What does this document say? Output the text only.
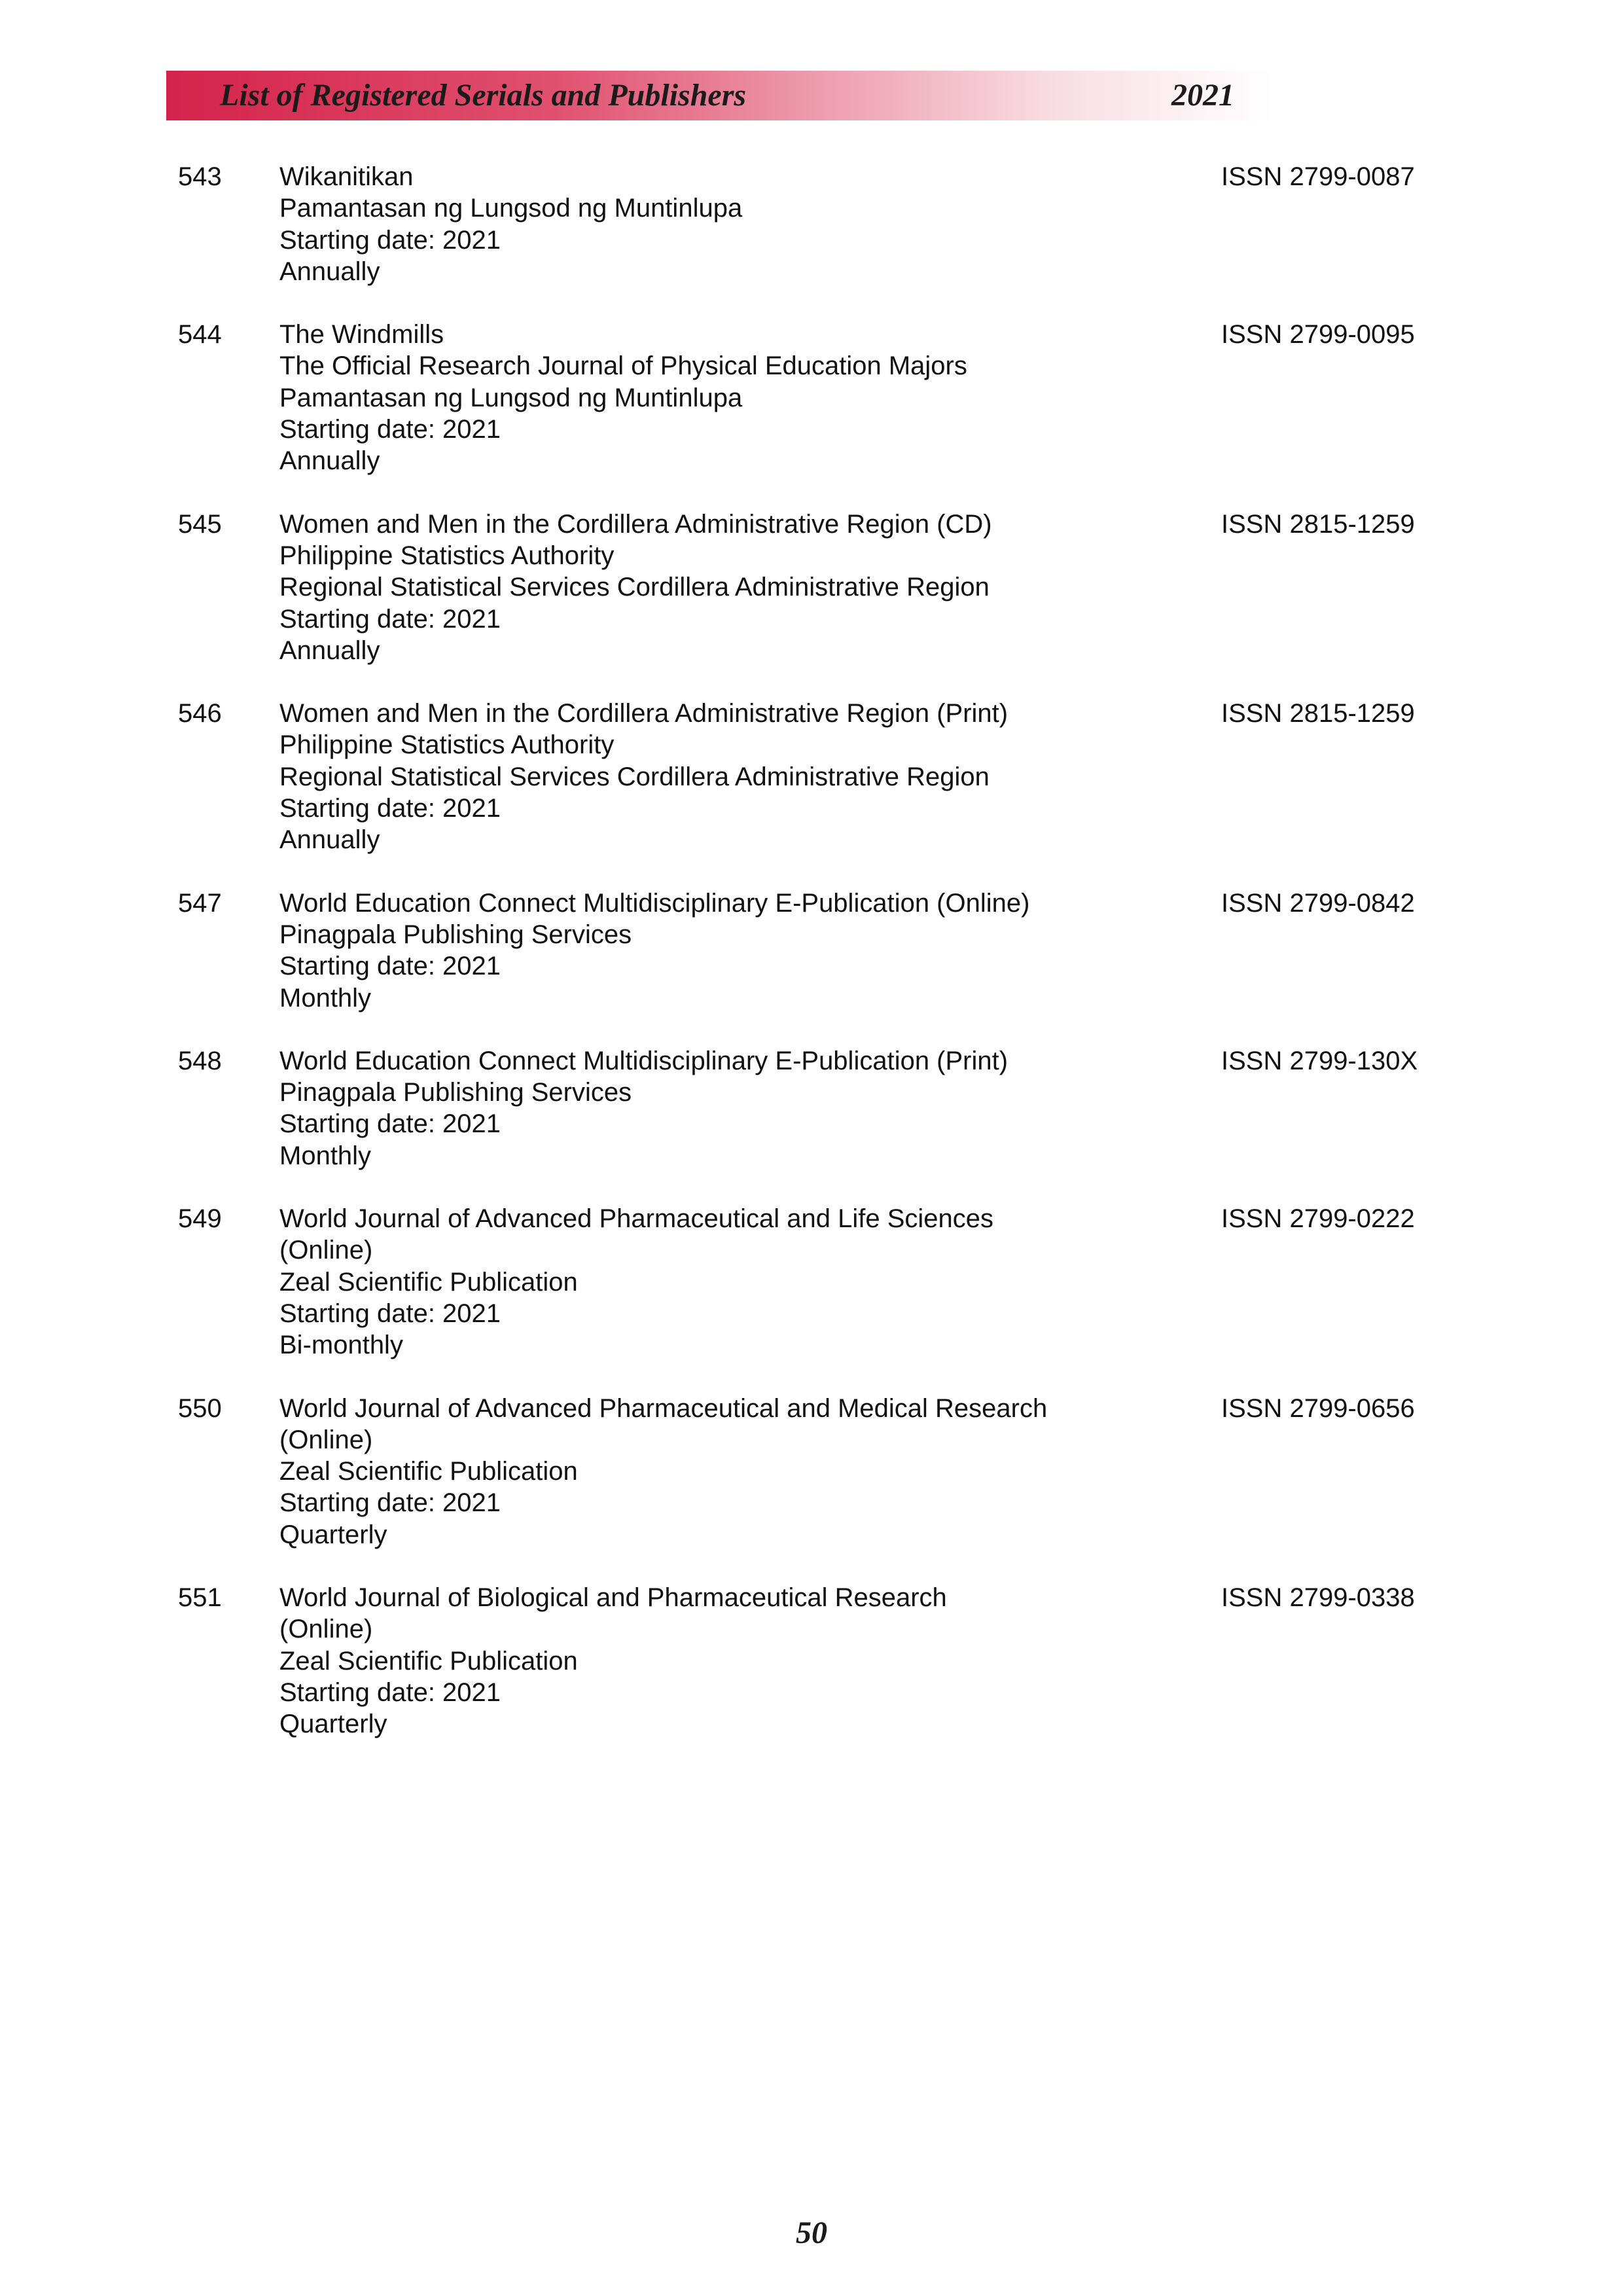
List of Registered Serials and Publishers	2021
543	Wikanitikan
Pamantasan ng Lungsod ng Muntinlupa
Starting date: 2021
Annually
ISSN 2799-0087
544	The Windmills
The Official Research Journal of Physical Education Majors
Pamantasan ng Lungsod ng Muntinlupa
Starting date: 2021
Annually
ISSN 2799-0095
545	Women and Men in the Cordillera Administrative Region (CD)
Philippine Statistics Authority
Regional Statistical Services Cordillera Administrative Region
Starting date: 2021
Annually
ISSN 2815-1259
546	Women and Men in the Cordillera Administrative Region (Print)
Philippine Statistics Authority
Regional Statistical Services Cordillera Administrative Region
Starting date: 2021
Annually
ISSN 2815-1259
547	World Education Connect Multidisciplinary E-Publication (Online)
Pinagpala Publishing Services
Starting date: 2021
Monthly
ISSN 2799-0842
548	World Education Connect Multidisciplinary E-Publication (Print)
Pinagpala Publishing Services
Starting date: 2021
Monthly
ISSN 2799-130X
549	World Journal of Advanced Pharmaceutical and Life Sciences
(Online)
Zeal Scientific Publication
Starting date: 2021
Bi-monthly
ISSN 2799-0222
550	World Journal of Advanced Pharmaceutical and Medical Research
(Online)
Zeal Scientific Publication
Starting date: 2021
Quarterly
ISSN 2799-0656
551	World Journal of Biological and Pharmaceutical Research
(Online)
Zeal Scientific Publication
Starting date: 2021
Quarterly
ISSN 2799-0338
50
